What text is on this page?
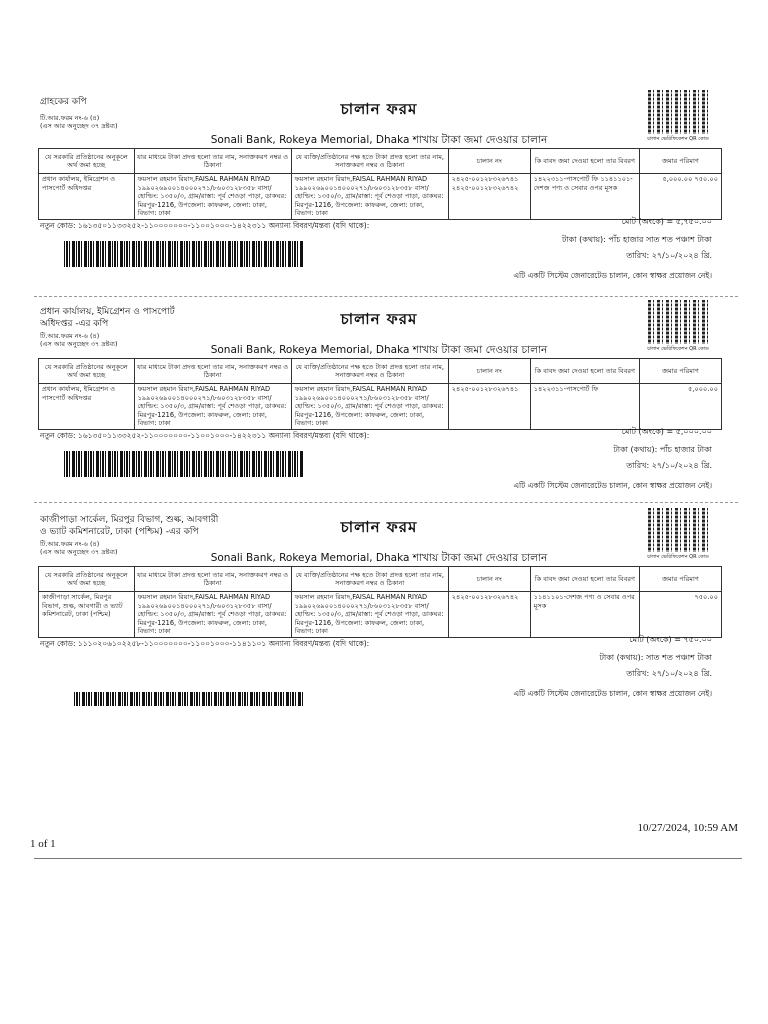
গ্রাহকের কপি
টি.আর.ফরম নং-৬ (৪)
(এস আর অনুচ্ছেদ ৩৭ দ্রষ্টব্য)
চালান ফরম
Sonali Bank, Rokeya Memorial, Dhaka শাখায় টাকা জমা দেওয়ার চালান	চালান ভেরিফিকেশন QR কোড
যে সরকারি প্রতিষ্ঠানের অনুকূলে অর্থ জমা হচ্ছে	যার মাধ্যমে টাকা প্রদত্ত হলো তার নাম, সনাক্তকরণ নম্বর ও ঠিকানা	যে ব্যক্তি/প্রতিষ্ঠানের পক্ষ হতে টাকা প্রদত্ত হলো তার নাম, সনাক্তকরণ নম্বর ও ঠিকানা	চালান নং	কি বাবদ জমা দেওয়া হলো তার বিবরণ	জমার পরিমাণ
প্রধান কার্যালয়, ইমিগ্রেশন ও পাসপোর্ট অধিদপ্তর	ফয়সাল রহমান রিয়াদ,FAISAL RAHMAN RIYAD ১৯৯০২৬৯০০১৪০০০২৭১/৮৬০৩১২৮৩৫৮ বাসা/হোল্ডিং: ১৩৫০/৩, গ্রাম/রাস্তা: পূর্ব শেওড়া পাড়া, ডাকঘর: মিরপুর-1216, উপজেলা: কাফরুল, জেলা: ঢাকা, বিভাগ: ঢাকা	ফয়সাল রহমান রিয়াদ,FAISAL RAHMAN RIYAD ১৯৯০২৬৯০০১৪০০০২৭১/৮৬০৩১২৮৩৫৮ বাসা/হোল্ডিং: ১৩৫০/৩, গ্রাম/রাস্তা: পূর্ব শেওড়া পাড়া, ডাকঘর: মিরপুর-1216, উপজেলা: কাফরুল, জেলা: ঢাকা, বিভাগ: ঢাকা	২৪২৫-০০১২৮৩২৬৭৪১ ২৪২৫-০০১২৮৩২৬৭৪২	১৪২২৩১১-পাসপোর্ট ফি ১১৪১১০১-দেশজ পণ্য ও সেবার ওপর মূসক	৫,০০০.০০ ৭৫০.০০
মোট (অংকে) = ৫,৭৫০.০০
নতুন কোড: ১৬১৩৫০১১৩৩২৫২-১১০০০০০০০-১১০০১০০০-১৪২২৩১১ অন্যান্য বিবরণ/মন্তব্য (যদি থাকে):
টাকা (কথায়): পাঁচ হাজার সাত শত পঞ্চাশ টাকা
তারিখ: ২৭/১০/২০২৪ খ্রি.
এটি একটি সিস্টেম জেনারেটেড চালান, কোন স্বাক্ষর প্রয়োজন নেই।
প্রধান কার্যালয়, ইমিগ্রেশন ও পাসপোর্ট অধিদপ্তর -এর কপি
টি.আর.ফরম নং-৬ (৪)
(এস আর অনুচ্ছেদ ৩৭ দ্রষ্টব্য)
চালান ফরম
Sonali Bank, Rokeya Memorial, Dhaka শাখায় টাকা জমা দেওয়ার চালান	চালান ভেরিফিকেশন QR কোড
যে সরকারি প্রতিষ্ঠানের অনুকূলে অর্থ জমা হচ্ছে	যার মাধ্যমে টাকা প্রদত্ত হলো তার নাম, সনাক্তকরণ নম্বর ও ঠিকানা	যে ব্যক্তি/প্রতিষ্ঠানের পক্ষ হতে টাকা প্রদত্ত হলো তার নাম, সনাক্তকরণ নম্বর ও ঠিকানা	চালান নং	কি বাবদ জমা দেওয়া হলো তার বিবরণ	জমার পরিমাণ
প্রধান কার্যালয়, ইমিগ্রেশন ও পাসপোর্ট অধিদপ্তর	ফয়সাল রহমান রিয়াদ,FAISAL RAHMAN RIYAD ১৯৯০২৬৯০০১৪০০০২৭১/৮৬০৩১২৮৩৫৮ বাসা/হোল্ডিং: ১৩৫০/৩, গ্রাম/রাস্তা: পূর্ব শেওড়া পাড়া, ডাকঘর: মিরপুর-1216, উপজেলা: কাফরুল, জেলা: ঢাকা, বিভাগ: ঢাকা	ফয়সাল রহমান রিয়াদ,FAISAL RAHMAN RIYAD ১৯৯০২৬৯০০১৪০০০২৭১/৮৬০৩১২৮৩৫৮ বাসা/হোল্ডিং: ১৩৫০/৩, গ্রাম/রাস্তা: পূর্ব শেওড়া পাড়া, ডাকঘর: মিরপুর-1216, উপজেলা: কাফরুল, জেলা: ঢাকা, বিভাগ: ঢাকা	২৪২৫-০০১২৮৩২৬৭৪১	১৪২২৩১১-পাসপোর্ট ফি	৫,০০০.০০
মোট (অংকে) = ৫,০০০.০০
নতুন কোড: ১৬১৩৫০১১৩৩২৫২-১১০০০০০০০-১১০০১০০০-১৪২২৩১১ অন্যান্য বিবরণ/মন্তব্য (যদি থাকে):
টাকা (কথায়): পাঁচ হাজার টাকা
তারিখ: ২৭/১০/২০২৪ খ্রি.
এটি একটি সিস্টেম জেনারেটেড চালান, কোন স্বাক্ষর প্রয়োজন নেই।
কাজীপাড়া সার্কেল, মিরপুর বিভাগ, শুল্ক, আবগারী ও ভ্যাট কমিশনারেট, ঢাকা (পশ্চিম) -এর কপি
টি.আর.ফরম নং-৬ (৪)
(এস আর অনুচ্ছেদ ৩৭ দ্রষ্টব্য)
চালান ফরম
Sonali Bank, Rokeya Memorial, Dhaka শাখায় টাকা জমা দেওয়ার চালান	চালান ভেরিফিকেশন QR কোড
যে সরকারি প্রতিষ্ঠানের অনুকূলে অর্থ জমা হচ্ছে	যার মাধ্যমে টাকা প্রদত্ত হলো তার নাম, সনাক্তকরণ নম্বর ও ঠিকানা	যে ব্যক্তি/প্রতিষ্ঠানের পক্ষ হতে টাকা প্রদত্ত হলো তার নাম, সনাক্তকরণ নম্বর ও ঠিকানা	চালান নং	কি বাবদ জমা দেওয়া হলো তার বিবরণ	জমার পরিমাণ
কাজীপাড়া সার্কেল, মিরপুর বিভাগ, শুল্ক, আবগারী ও ভ্যাট কমিশনারেট, ঢাকা (পশ্চিম)	ফয়সাল রহমান রিয়াদ,FAISAL RAHMAN RIYAD ১৯৯০২৬৯০০১৪০০০২৭১/৮৬০৩১২৮৩৫৮ বাসা/হোল্ডিং: ১৩৫০/৩, গ্রাম/রাস্তা: পূর্ব শেওড়া পাড়া, ডাকঘর: মিরপুর-1216, উপজেলা: কাফরুল, জেলা: ঢাকা, বিভাগ: ঢাকা	ফয়সাল রহমান রিয়াদ,FAISAL RAHMAN RIYAD ১৯৯০২৬৯০০১৪০০০২৭১/৮৬০৩১২৮৩৫৮ বাসা/হোল্ডিং: ১৩৫০/৩, গ্রাম/রাস্তা: পূর্ব শেওড়া পাড়া, ডাকঘর: মিরপুর-1216, উপজেলা: কাফরুল, জেলা: ঢাকা, বিভাগ: ঢাকা	২৪২৫-০০১২৮৩২৬৭৪২	১১৪১১০১-দেশজ পণ্য ও সেবার ওপর মূসক	৭৫০.০০
মোট (অংকে) = ৭৫০.০০
নতুন কোড: ১১১০২০৬১০২২৫৮-১১০০০০০০০-১১০০১০০০-১১৪১১০১ অন্যান্য বিবরণ/মন্তব্য (যদি থাকে):
টাকা (কথায়): সাত শত পঞ্চাশ টাকা
তারিখ: ২৭/১০/২০২৪ খ্রি.
এটি একটি সিস্টেম জেনারেটেড চালান, কোন স্বাক্ষর প্রয়োজন নেই।
1 of 1
10/27/2024, 10:59 AM
